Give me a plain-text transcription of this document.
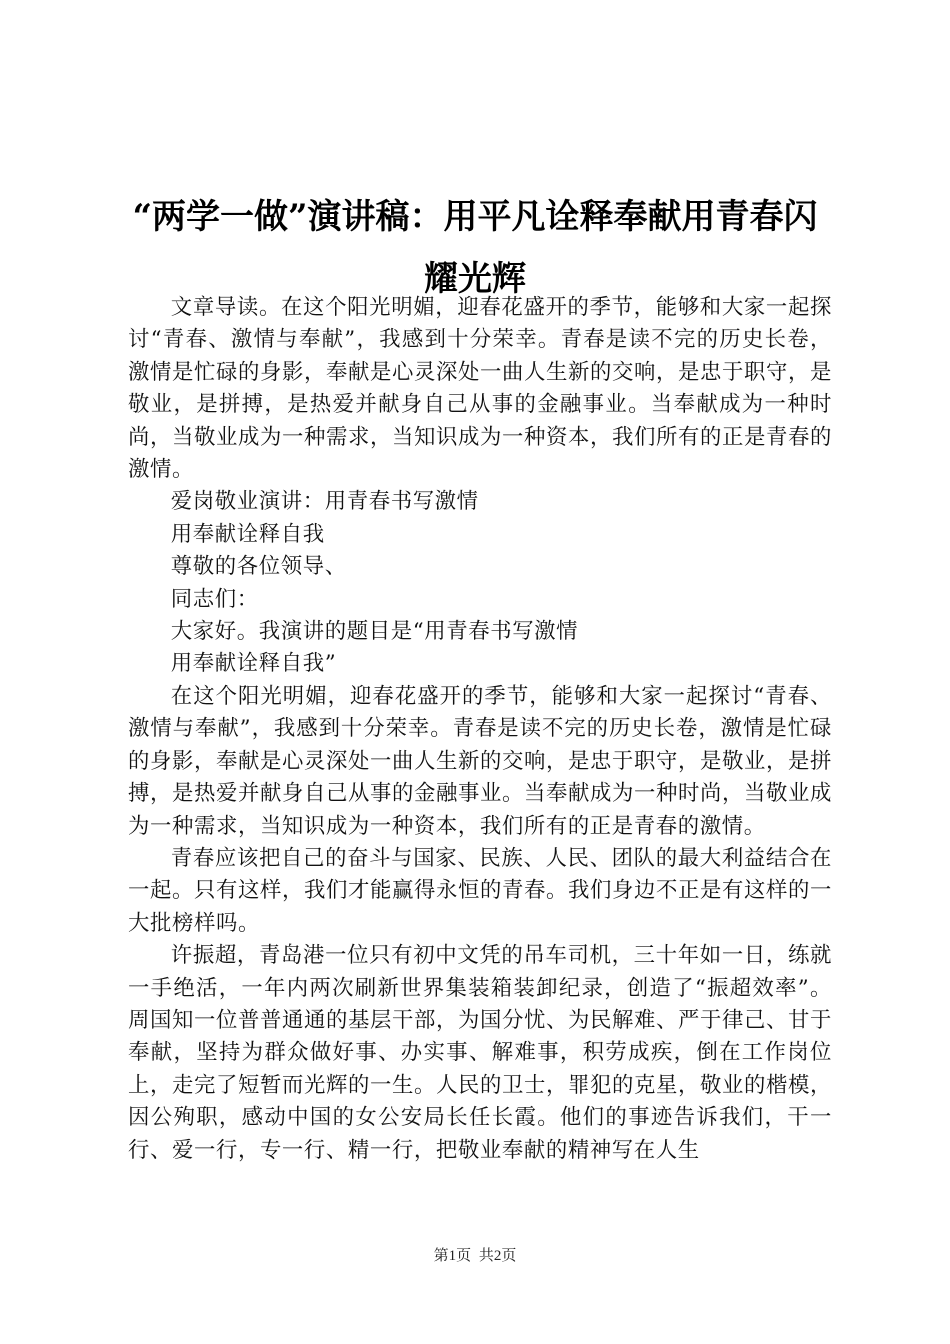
“两学一做”演讲稿：用平凡诠释奉献用青春闪耀光辉

文章导读。在这个阳光明媚，迎春花盛开的季节，能够和大家一起探讨“青春、激情与奉献”，我感到十分荣幸。青春是读不完的历史长卷，激情是忙碌的身影，奉献是心灵深处一曲人生新的交响，是忠于职守，是敬业，是拼搏，是热爱并献身自己从事的金融事业。当奉献成为一种时尚，当敬业成为一种需求，当知识成为一种资本，我们所有的正是青春的激情。

爱岗敬业演讲：用青春书写激情

用奉献诠释自我

尊敬的各位领导、

同志们：

大家好。我演讲的题目是“用青春书写激情

用奉献诠释自我”

在这个阳光明媚，迎春花盛开的季节，能够和大家一起探讨“青春、激情与奉献”，我感到十分荣幸。青春是读不完的历史长卷，激情是忙碌的身影，奉献是心灵深处一曲人生新的交响，是忠于职守，是敬业，是拼搏，是热爱并献身自己从事的金融事业。当奉献成为一种时尚，当敬业成为一种需求，当知识成为一种资本，我们所有的正是青春的激情。

青春应该把自己的奋斗与国家、民族、人民、团队的最大利益结合在一起。只有这样，我们才能赢得永恒的青春。我们身边不正是有这样的一大批榜样吗。

许振超，青岛港一位只有初中文凭的吊车司机，三十年如一日，练就一手绝活，一年内两次刷新世界集装箱装卸纪录，创造了“振超效率”。周国知一位普普通通的基层干部，为国分忧、为民解难、严于律己、甘于奉献，坚持为群众做好事、办实事、解难事，积劳成疾，倒在工作岗位上，走完了短暂而光辉的一生。人民的卫士，罪犯的克星，敬业的楷模，因公殉职，感动中国的女公安局长任长霞。他们的事迹告诉我们，干一行、爱一行，专一行、精一行，把敬业奉献的精神写在人生

第1页 共2页
